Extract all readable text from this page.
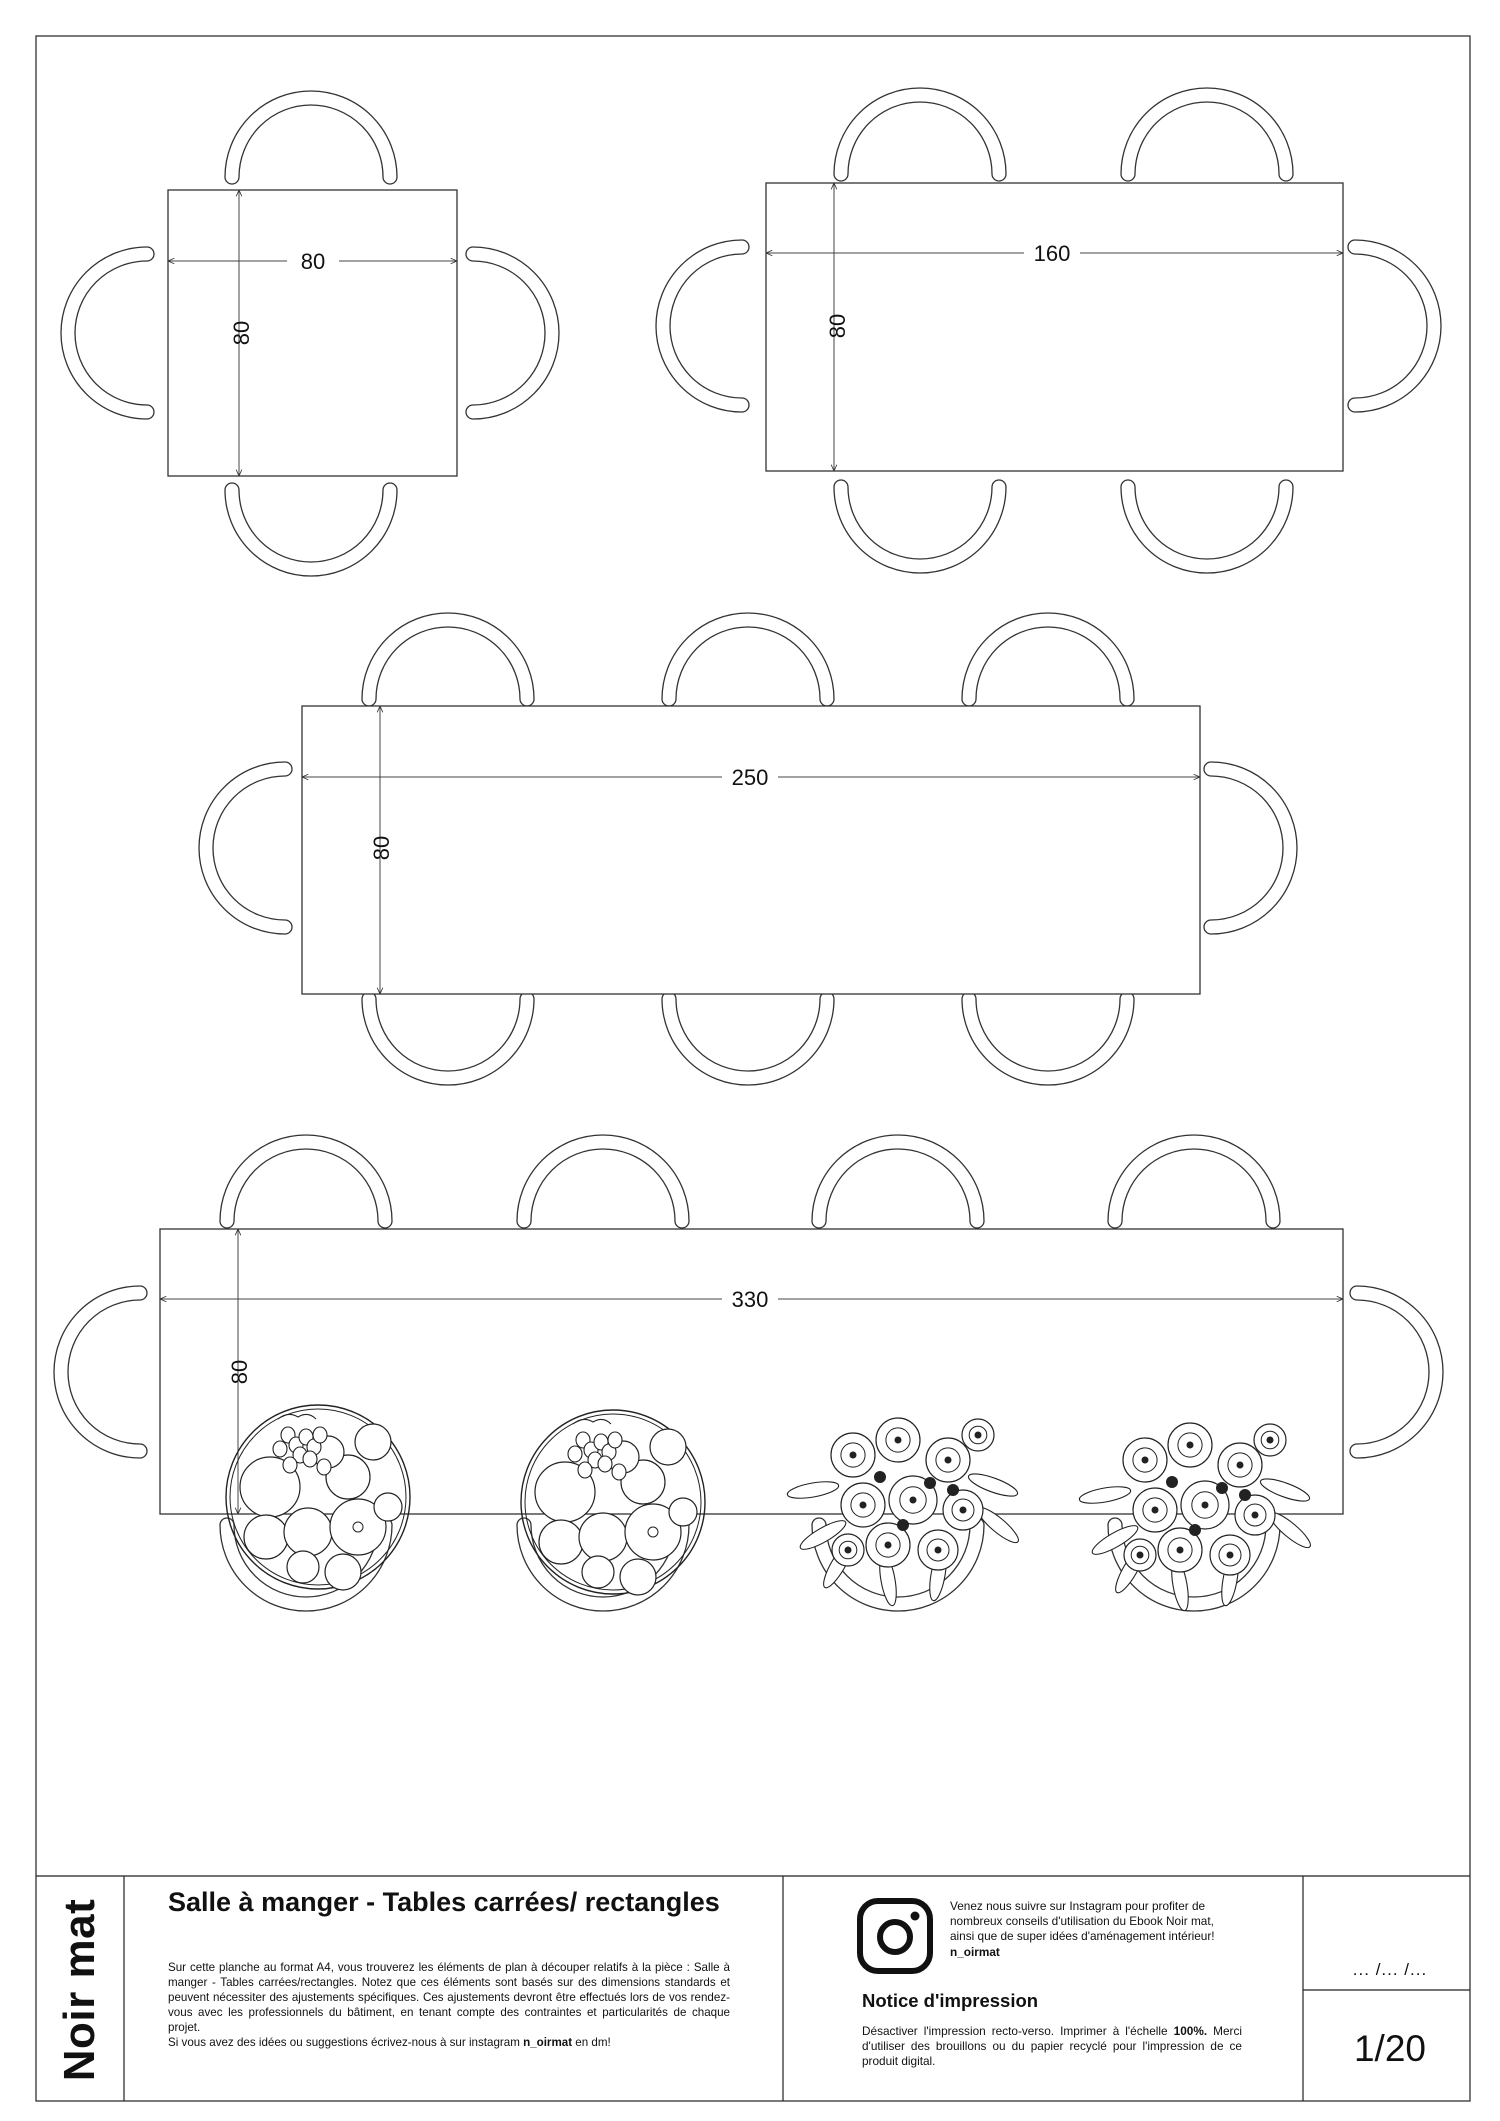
80
80
160
80
250
80
330
80
Noir mat Salle à manger - Tables carrées/ rectangles
Sur cette planche au format A4, vous trouverez les éléments de plan à découper relatifs à la pièce : Salle à manger - Tables carrées/rectangles. Notez que ces éléments sont basés sur des dimensions standards et peuvent nécessiter des ajustements spécifiques. Ces ajustements devront être effectués lors de vos rendez-vous avec les professionnels du bâtiment, en tenant compte des contraintes et particularités de chaque projet.
Si vous avez des idées ou suggestions écrivez-nous à sur instagram n_oirmat en dm!
Venez nous suivre sur Instagram pour profiter de nombreux conseils d'utilisation du Ebook Noir mat, ainsi que de super idées d'aménagement intérieur! n_oirmat
Notice d'impression
Désactiver l'impression recto-verso. Imprimer à l'échelle 100%. Merci d'utiliser des brouillons ou du papier recyclé pour l'impression de ce produit digital.
... /... /...
1/20
